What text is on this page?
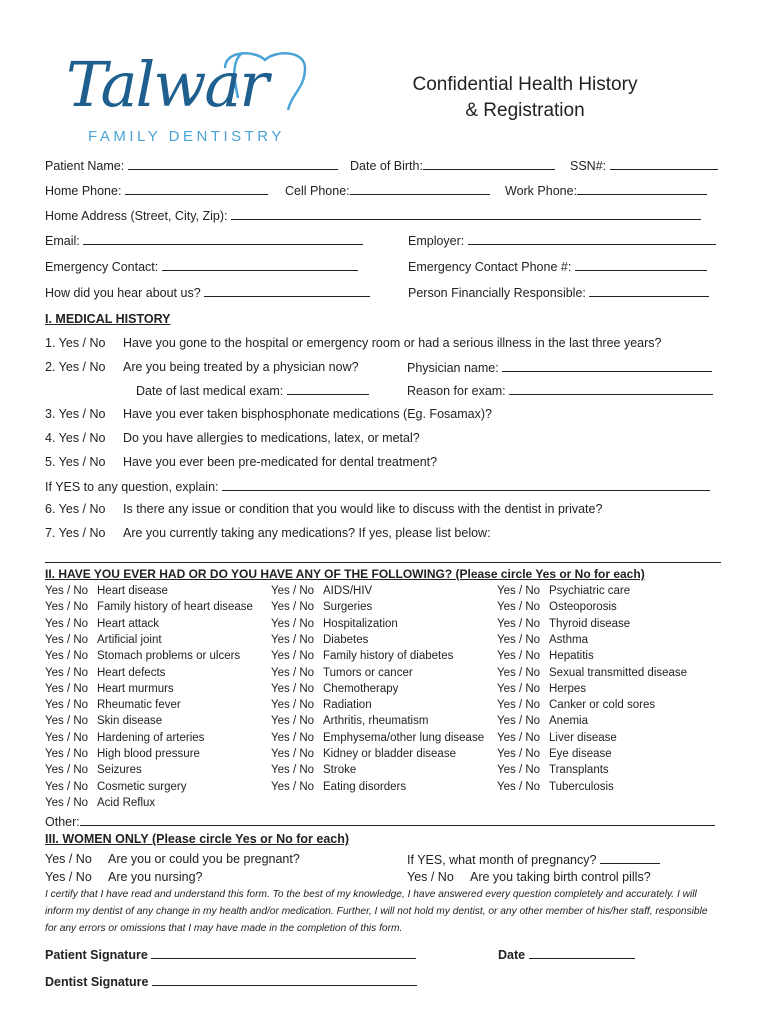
Talwar
FAMILY DENTISTRY
Confidential Health History
& Registration
Patient Name:	Date of Birth:	SSN#:
Home Phone:	Cell Phone:	Work Phone:
Home Address (Street, City, Zip):
Email:	Employer:
Emergency Contact:	Emergency Contact Phone #:
How did you hear about us?	Person Financially Responsible:
I. MEDICAL HISTORY
1. Yes / No Have you gone to the hospital or emergency room or had a serious illness in the last three years?
2. Yes / No Are you being treated by a physician now?	Physician name:
Date of last medical exam:	Reason for exam:
3. Yes / No Have you ever taken bisphosphonate medications (Eg. Fosamax)?
4. Yes / No Do you have allergies to medications, latex, or metal?
5. Yes / No Have you ever been pre-medicated for dental treatment?
If YES to any question, explain:
6. Yes / No Is there any issue or condition that you would like to discuss with the dentist in private?
7. Yes / No Are you currently taking any medications? If yes, please list below:
II. HAVE YOU EVER HAD OR DO YOU HAVE ANY OF THE FOLLOWING? (Please circle Yes or No for each)
Yes / No Heart disease
Yes / No Family history of heart disease
Yes / No Heart attack
Yes / No Artificial joint
Yes / No Stomach problems or ulcers
Yes / No Heart defects
Yes / No Heart murmurs
Yes / No Rheumatic fever
Yes / No Skin disease
Yes / No Hardening of arteries
Yes / No High blood pressure
Yes / No Seizures
Yes / No Cosmetic surgery
Yes / No Acid Reflux
Yes / No AIDS/HIV
Yes / No Surgeries
Yes / No Hospitalization
Yes / No Diabetes
Yes / No Family history of diabetes
Yes / No Tumors or cancer
Yes / No Chemotherapy
Yes / No Radiation
Yes / No Arthritis, rheumatism
Yes / No Emphysema/other lung disease
Yes / No Kidney or bladder disease
Yes / No Stroke
Yes / No Eating disorders
Yes / No Psychiatric care
Yes / No Osteoporosis
Yes / No Thyroid disease
Yes / No Asthma
Yes / No Hepatitis
Yes / No Sexual transmitted disease
Yes / No Herpes
Yes / No Canker or cold sores
Yes / No Anemia
Yes / No Liver disease
Yes / No Eye disease
Yes / No Transplants
Yes / No Tuberculosis
Other:
III. WOMEN ONLY (Please circle Yes or No for each)
Yes / No Are you or could you be pregnant?	If YES, what month of pregnancy?
Yes / No Are you nursing?	Yes / No Are you taking birth control pills?
I certify that I have read and understand this form. To the best of my knowledge, I have answered every question completely and accurately. I will inform my dentist of any change in my health and/or medication. Further, I will not hold my dentist, or any other member of his/her staff, responsible for any errors or omissions that I may have made in the completion of this form.
Patient Signature	Date
Dentist Signature
